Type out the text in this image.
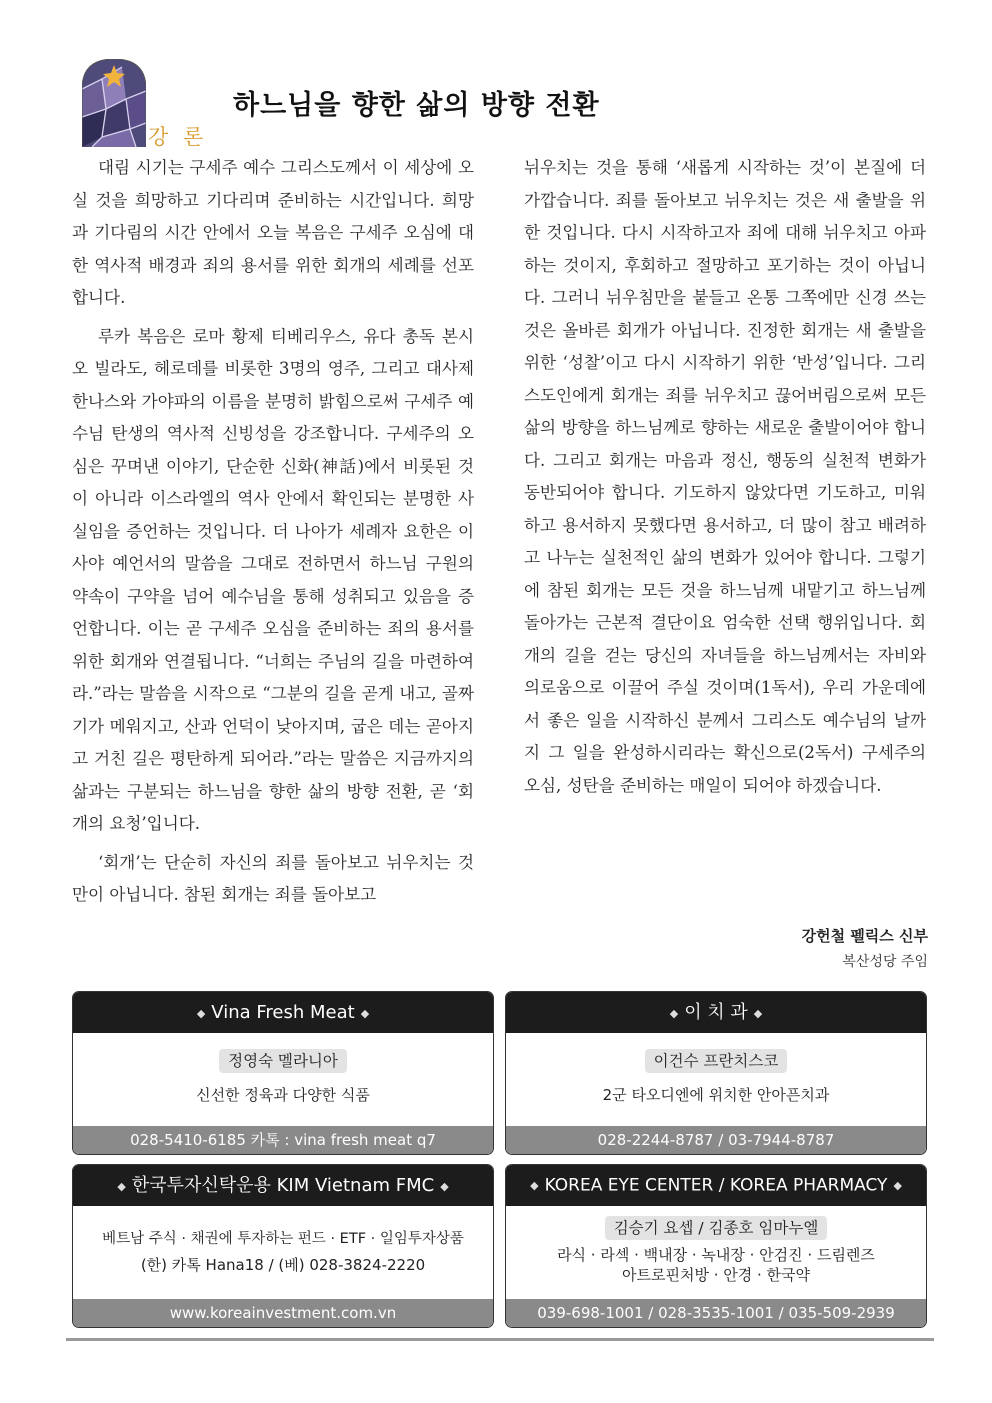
강 론
하느님을 향한 삶의 방향 전환

대림 시기는 구세주 예수 그리스도께서 이 세상에 오실 것을 희망하고 기다리며 준비하는 시간입니다. 희망과 기다림의 시간 안에서 오늘 복음은 구세주 오심에 대한 역사적 배경과 죄의 용서를 위한 회개의 세례를 선포합니다.

루카 복음은 로마 황제 티베리우스, 유다 총독 본시오 빌라도, 헤로데를 비롯한 3명의 영주, 그리고 대사제 한나스와 가야파의 이름을 분명히 밝힘으로써 구세주 예수님 탄생의 역사적 신빙성을 강조합니다. 구세주의 오심은 꾸며낸 이야기, 단순한 신화(神話)에서 비롯된 것이 아니라 이스라엘의 역사 안에서 확인되는 분명한 사실임을 증언하는 것입니다. 더 나아가 세례자 요한은 이사야 예언서의 말씀을 그대로 전하면서 하느님 구원의 약속이 구약을 넘어 예수님을 통해 성취되고 있음을 증언합니다. 이는 곧 구세주 오심을 준비하는 죄의 용서를 위한 회개와 연결됩니다. “너희는 주님의 길을 마련하여라.”라는 말씀을 시작으로 “그분의 길을 곧게 내고, 골짜기가 메워지고, 산과 언덕이 낮아지며, 굽은 데는 곧아지고 거친 길은 평탄하게 되어라.”라는 말씀은 지금까지의 삶과는 구분되는 하느님을 향한 삶의 방향 전환, 곧 ‘회개의 요청’입니다.

‘회개’는 단순히 자신의 죄를 돌아보고 뉘우치는 것만이 아닙니다. 참된 회개는 죄를 돌아보고

뉘우치는 것을 통해 ‘새롭게 시작하는 것’이 본질에 더 가깝습니다. 죄를 돌아보고 뉘우치는 것은 새 출발을 위한 것입니다. 다시 시작하고자 죄에 대해 뉘우치고 아파하는 것이지, 후회하고 절망하고 포기하는 것이 아닙니다. 그러니 뉘우침만을 붙들고 온통 그쪽에만 신경 쓰는 것은 올바른 회개가 아닙니다. 진정한 회개는 새 출발을 위한 ‘성찰’이고 다시 시작하기 위한 ‘반성’입니다. 그리스도인에게 회개는 죄를 뉘우치고 끊어버림으로써 모든 삶의 방향을 하느님께로 향하는 새로운 출발이어야 합니다. 그리고 회개는 마음과 정신, 행동의 실천적 변화가 동반되어야 합니다. 기도하지 않았다면 기도하고, 미워하고 용서하지 못했다면 용서하고, 더 많이 참고 배려하고 나누는 실천적인 삶의 변화가 있어야 합니다. 그렇기에 참된 회개는 모든 것을 하느님께 내맡기고 하느님께 돌아가는 근본적 결단이요 엄숙한 선택 행위입니다. 회개의 길을 걷는 당신의 자녀들을 하느님께서는 자비와 의로움으로 이끌어 주실 것이며(1독서), 우리 가운데에서 좋은 일을 시작하신 분께서 그리스도 예수님의 날까지 그 일을 완성하시리라는 확신으로(2독서) 구세주의 오심, 성탄을 준비하는 매일이 되어야 하겠습니다.

강헌철 펠릭스 신부
복산성당 주임
◆ Vina Fresh Meat ◆
정영숙 멜라니아
신선한 정육과 다양한 식품
028-5410-6185 카톡 : vina fresh meat q7
◆ 이 치 과 ◆
이건수 프란치스코
2군 타오디엔에 위치한 안아픈치과
028-2244-8787 / 03-7944-8787
◆ 한국투자신탁운용 KIM Vietnam FMC ◆
베트남 주식 · 채권에 투자하는 펀드 · ETF · 일임투자상품
(한) 카톡 Hana18 / (베) 028-3824-2220
www.koreainvestment.com.vn
◆ KOREA EYE CENTER / KOREA PHARMACY ◆
김승기 요셉 / 김종호 임마누엘
라식 · 라섹 · 백내장 · 녹내장 · 안검진 · 드림렌즈
아트로핀처방 · 안경 · 한국약
039-698-1001 / 028-3535-1001 / 035-509-2939
